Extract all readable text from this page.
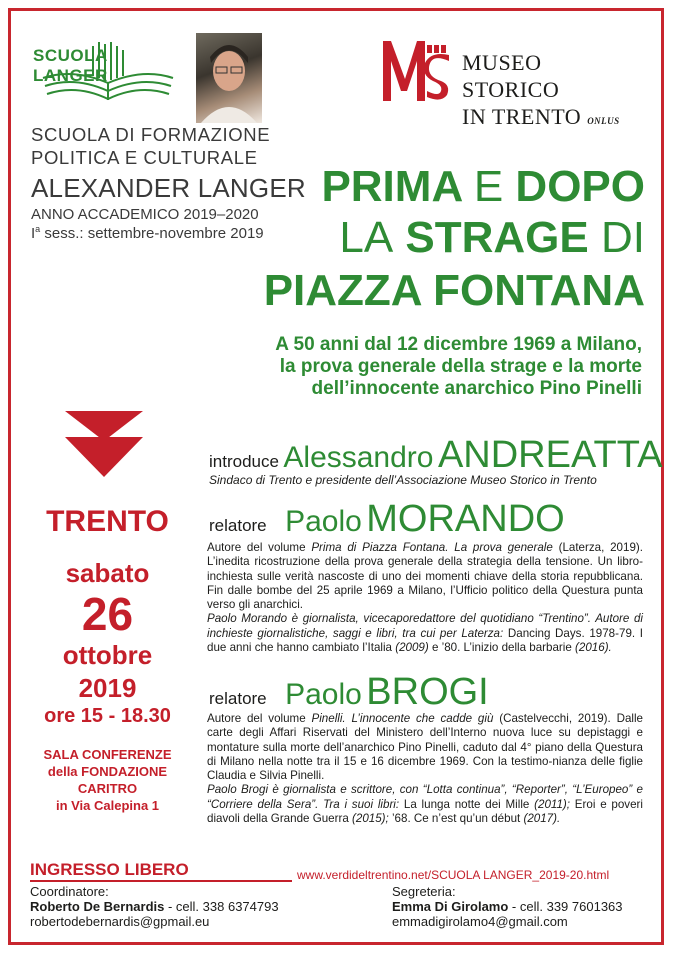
SCUOLA LANGER
SCUOLA DI FORMAZIONE
POLITICA E CULTURALE
ALEXANDER LANGER
ANNO ACCADEMICO 2019–2020
$I^a$ sess.: settembre-novembre 2019
MUSEO
STORICO
IN TRENTO ONLUS
PRIMA E DOPO
LA STRAGE DI
PIAZZA FONTANA
A 50 anni dal 12 dicembre 1969 a Milano,
la prova generale della strage e la morte
dell’innocente anarchico Pino Pinelli
TRENTO
sabato
26
ottobre
2019
ore 15 - 18.30
SALA CONFERENZE
della FONDAZIONE
CARITRO
in Via Calepina 1
introduce Alessandro ANDREATTA
Sindaco di Trento e presidente dell’Associazione Museo Storico in Trento
relatore Paolo MORANDO
Autore del volume Prima di Piazza Fontana. La prova generale (Laterza, 2019). L’inedita ricostruzione della prova generale della strategia della tensione. Un libro-inchiesta sulle verità nascoste di uno dei momenti chiave della storia repubblicana. Fin dalle bombe del 25 aprile 1969 a Milano, l’Ufficio politico della Questura punta verso gli anarchici.
Paolo Morando è giornalista, vicecaporedattore del quotidiano “Trentino”. Autore di inchieste giornalistiche, saggi e libri, tra cui per Laterza: Dancing Days. 1978-79. I due anni che hanno cambiato l’Italia (2009) e ’80. L’inizio della barbarie (2016).
relatore Paolo BROGI
Autore del volume Pinelli. L’innocente che cadde giù (Castelvecchi, 2019). Dalle carte degli Affari Riservati del Ministero dell’Interno nuova luce su depistaggi e montature sulla morte dell’anarchico Pino Pinelli, caduto dal 4° piano della Questura di Milano nella notte tra il 15 e 16 dicembre 1969. Con la testimo-nianza delle figlie Claudia e Silvia Pinelli.
Paolo Brogi è giornalista e scrittore, con “Lotta continua”, “Reporter”, “L’Europeo” e “Corriere della Sera”. Tra i suoi libri: La lunga notte dei Mille (2011); Eroi e poveri diavoli della Grande Guerra (2015); ’68. Ce n’est qu’un début (2017).
INGRESSO LIBERO	www.verdideltrentino.net/SCUOLA LANGER_2019-20.html
Coordinatore:
Roberto De Bernardis - cell. 338 6374793
robertodebernardis@gpmail.eu
Segreteria:
Emma Di Girolamo - cell. 339 7601363
emmadigirolamo4@gmail.com
